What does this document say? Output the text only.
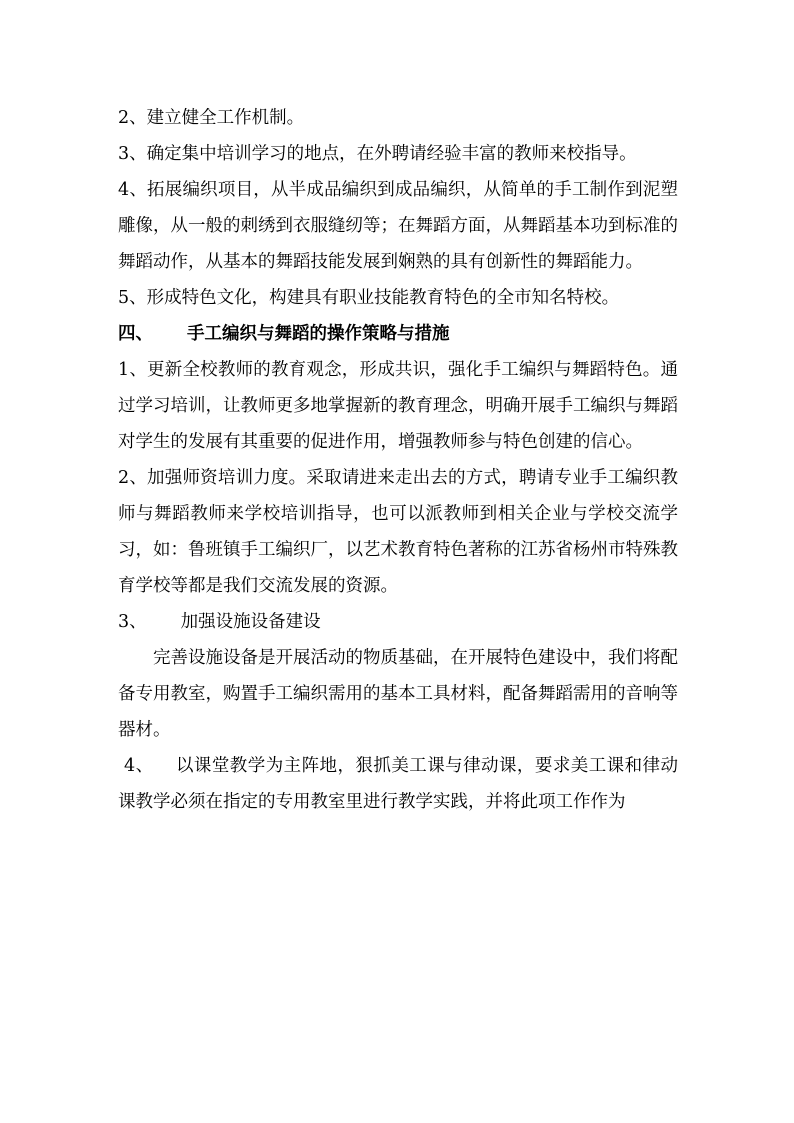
2、建立健全工作机制。

3、确定集中培训学习的地点，在外聘请经验丰富的教师来校指导。

4、拓展编织项目，从半成品编织到成品编织，从简单的手工制作到泥塑雕像，从一般的刺绣到衣服缝纫等；在舞蹈方面，从舞蹈基本功到标准的舞蹈动作，从基本的舞蹈技能发展到娴熟的具有创新性的舞蹈能力。

5、形成特色文化，构建具有职业技能教育特色的全市知名特校。

四、 手工编织与舞蹈的操作策略与措施

1、更新全校教师的教育观念，形成共识，强化手工编织与舞蹈特色。通过学习培训，让教师更多地掌握新的教育理念，明确开展手工编织与舞蹈对学生的发展有其重要的促进作用，增强教师参与特色创建的信心。

2、加强师资培训力度。采取请进来走出去的方式，聘请专业手工编织教师与舞蹈教师来学校培训指导，也可以派教师到相关企业与学校交流学习，如：鲁班镇手工编织厂，以艺术教育特色著称的江苏省杨州市特殊教育学校等都是我们交流发展的资源。

3、 加强设施设备建设

完善设施设备是开展活动的物质基础，在开展特色建设中，我们将配备专用教室，购置手工编织需用的基本工具材料，配备舞蹈需用的音响等器材。

4、 以课堂教学为主阵地，狠抓美工课与律动课，要求美工课和律动课教学必须在指定的专用教室里进行教学实践，并将此项工作作为
